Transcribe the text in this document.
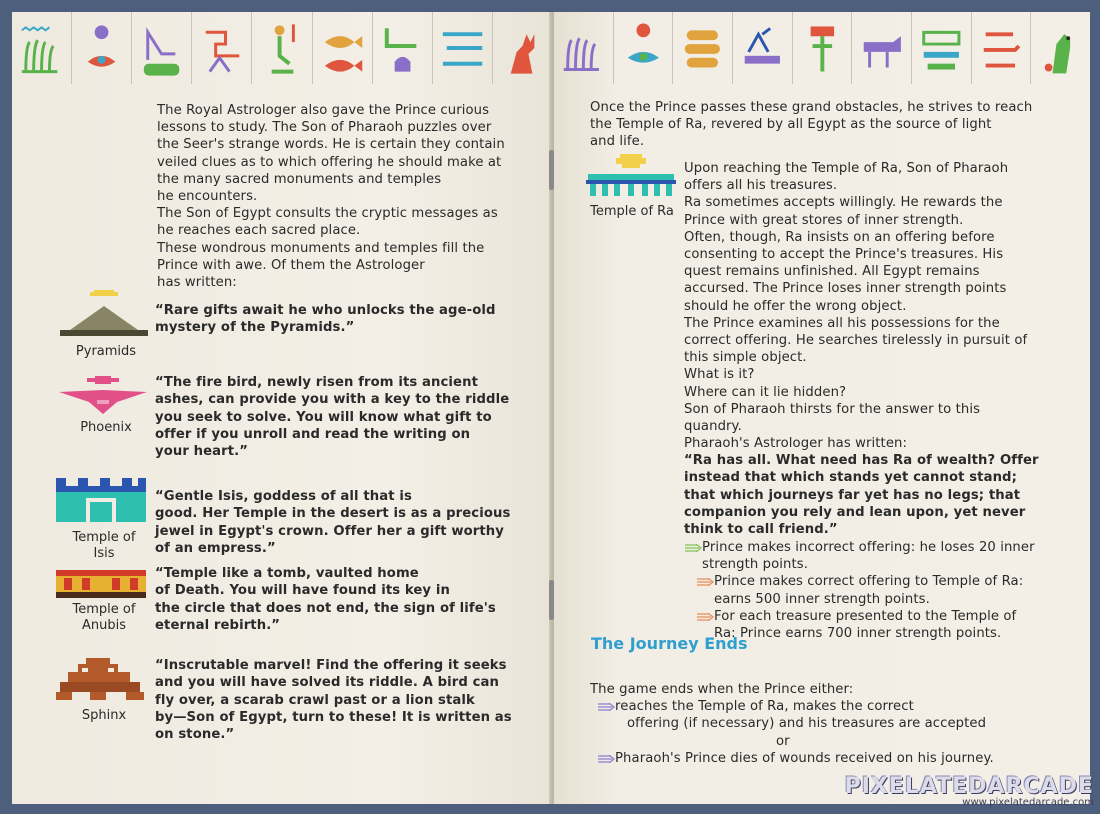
The Royal Astrologer also gave the Prince curious
lessons to study. The Son of Pharaoh puzzles over
the Seer's strange words. He is certain they contain
veiled clues as to which offering he should make at
the many sacred monuments and temples
he encounters.
The Son of Egypt consults the cryptic messages as
he reaches each sacred place.
These wondrous monuments and temples fill the
Prince with awe. Of them the Astrologer
has written:
Pyramids
“Rare gifts await he who unlocks the age-old
mystery of the Pyramids.”
Phoenix
“The fire bird, newly risen from its ancient
ashes, can provide you with a key to the riddle
you seek to solve. You will know what gift to
offer if you unroll and read the writing on
your heart.”
Temple of
Isis
“Gentle Isis, goddess of all that is
good. Her Temple in the desert is as a precious
jewel in Egypt's crown. Offer her a gift worthy
of an empress.”
Temple of
Anubis
“Temple like a tomb, vaulted home
of Death. You will have found its key in
the circle that does not end, the sign of life's
eternal rebirth.”
Sphinx
“Inscrutable marvel! Find the offering it seeks
and you will have solved its riddle. A bird can
fly over, a scarab crawl past or a lion stalk
by—Son of Egypt, turn to these! It is written as
on stone.”
Once the Prince passes these grand obstacles, he strives to reach
the Temple of Ra, revered by all Egypt as the source of light
and life.
Temple of Ra
Upon reaching the Temple of Ra, Son of Pharaoh
offers all his treasures.
Ra sometimes accepts willingly. He rewards the
Prince with great stores of inner strength.
Often, though, Ra insists on an offering before
consenting to accept the Prince's treasures. His
quest remains unfinished. All Egypt remains
accursed. The Prince loses inner strength points
should he offer the wrong object.
The Prince examines all his possessions for the
correct offering. He searches tirelessly in pursuit of
this simple object.
What is it?
Where can it lie hidden?
Son of Pharaoh thirsts for the answer to this
quandry.
Pharaoh's Astrologer has written:
“Ra has all. What need has Ra of wealth? Offer
instead that which stands yet cannot stand;
that which journeys far yet has no legs; that
companion you rely and lean upon, yet never
think to call friend.”
Prince makes incorrect offering: he loses 20 inner
strength points.
Prince makes correct offering to Temple of Ra:
earns 500 inner strength points.
For each treasure presented to the Temple of
Ra: Prince earns 700 inner strength points.
The Journey Ends
The game ends when the Prince either:
reaches the Temple of Ra, makes the correct
offering (if necessary) and his treasures are accepted
or
Pharaoh's Prince dies of wounds received on his journey.
PIXELATEDARCADE
www.pixelatedarcade.com
